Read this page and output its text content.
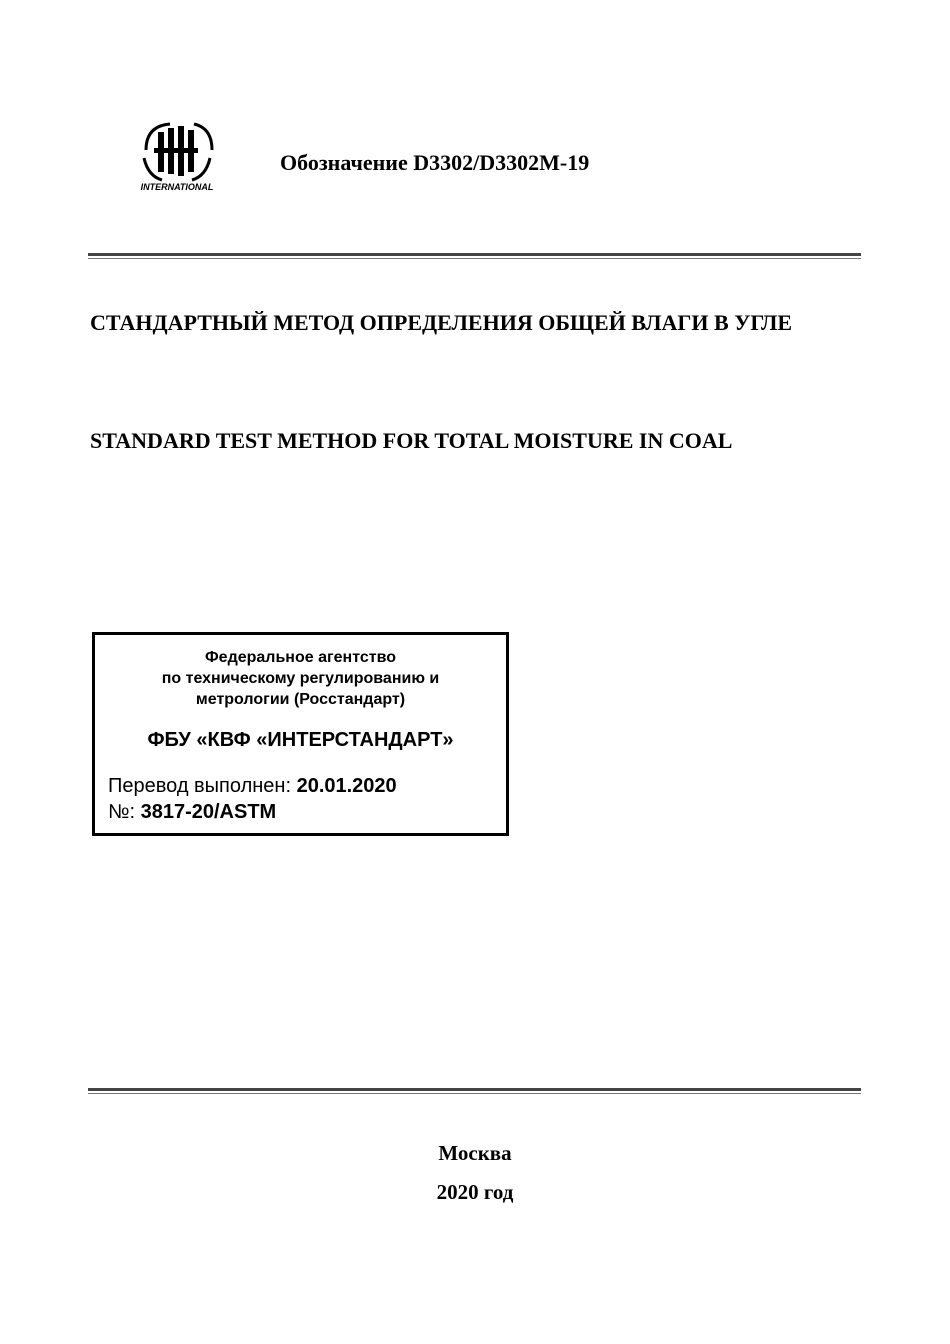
INTERNATIONAL
Обозначение D3302/D3302M-19
СТАНДАРТНЫЙ МЕТОД ОПРЕДЕЛЕНИЯ ОБЩЕЙ ВЛАГИ В УГЛЕ
STANDARD TEST METHOD FOR TOTAL MOISTURE IN COAL
Федеральное агентство
по техническому регулированию и
метрологии (Росстандарт)
ФБУ «КВФ «ИНТЕРСТАНДАРТ»
Перевод выполнен: 20.01.2020
№: 3817-20/ASTM
Москва
2020 год
